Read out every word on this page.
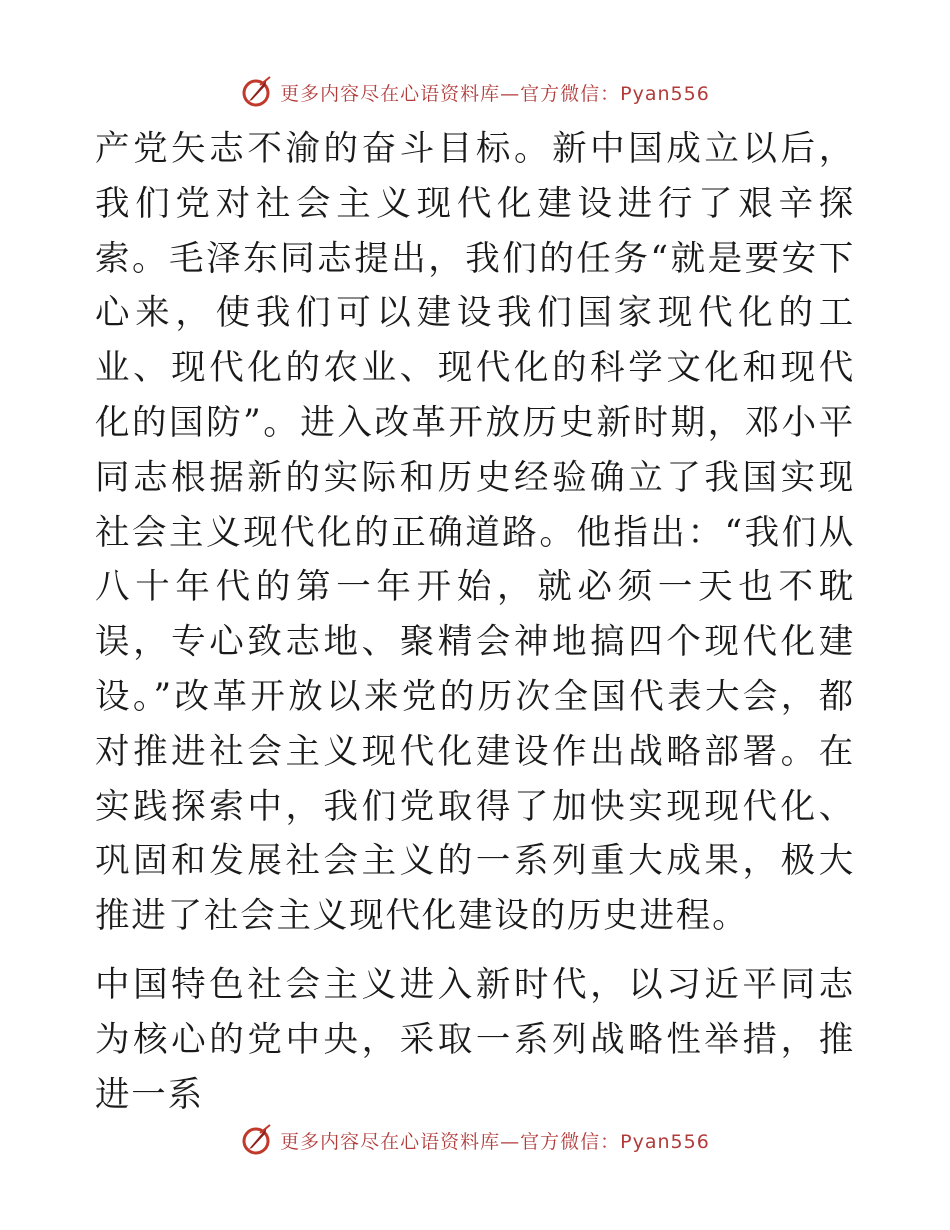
更多内容尽在心语资料库—官方微信：Pyan556

产党矢志不渝的奋斗目标。新中国成立以后，我们党对社会主义现代化建设进行了艰辛探索。毛泽东同志提出，我们的任务“就是要安下心来，使我们可以建设我们国家现代化的工业、现代化的农业、现代化的科学文化和现代化的国防”。进入改革开放历史新时期，邓小平同志根据新的实际和历史经验确立了我国实现社会主义现代化的正确道路。他指出：“我们从八十年代的第一年开始，就必须一天也不耽误，专心致志地、聚精会神地搞四个现代化建设。”改革开放以来党的历次全国代表大会，都对推进社会主义现代化建设作出战略部署。在实践探索中，我们党取得了加快实现现代化、巩固和发展社会主义的一系列重大成果，极大推进了社会主义现代化建设的历史进程。

中国特色社会主义进入新时代，以习近平同志为核心的党中央，采取一系列战略性举措，推进一系

更多内容尽在心语资料库—官方微信：Pyan556
